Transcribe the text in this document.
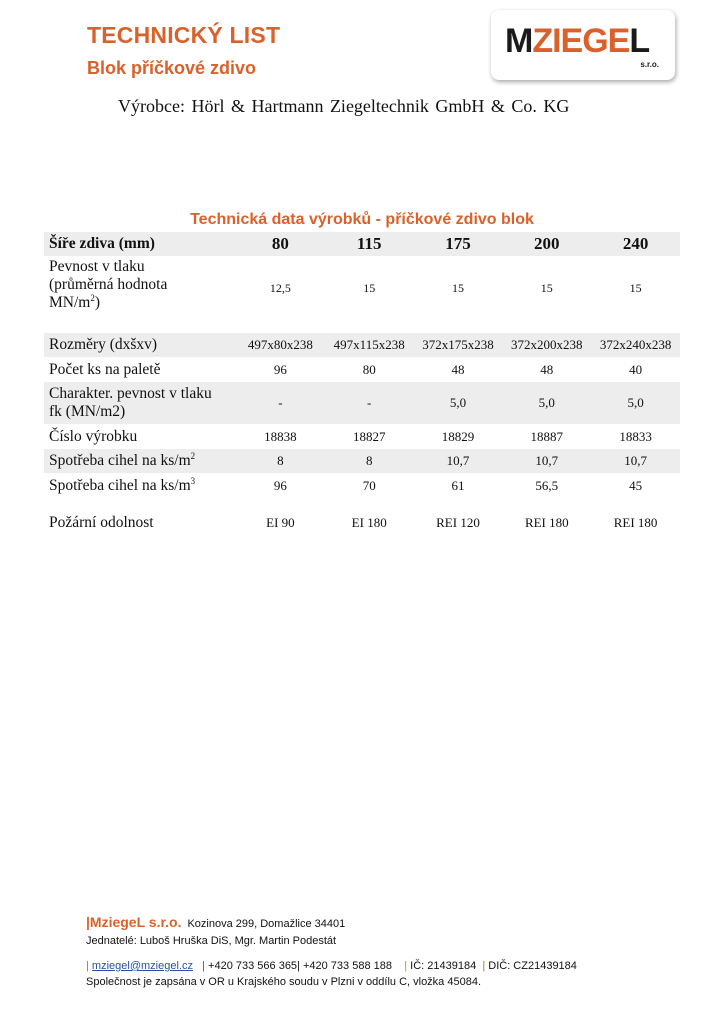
TECHNICKÝ LIST
Blok příčkové zdivo
MZIEGEL
s.r.o.
Výrobce: Hörl & Hartmann Ziegeltechnik GmbH & Co. KG
Technická data výrobků - příčkové zdivo blok
Šíře zdiva (mm)	80	115	175	200	240
Pevnost v tlaku
(průměrná hodnota
$MN/m^2$)	12,5	15	15	15	15

Rozměry (dxšxv)	497x80x238	497x115x238	372x175x238	372x200x238	372x240x238
Počet ks na paletě	96	80	48	48	40
Charakter. pevnost v tlaku
fk (MN/m2)	-	-	5,0	5,0	5,0
Číslo výrobku	18838	18827	18829	18887	18833
Spotřeba cihel na $ks/m^2$	8	8	10,7	10,7	10,7
Spotřeba cihel na $ks/m^3$	96	70	61	56,5	45

Požární odolnost	EI 90	EI 180	REI 120	REI 180	REI 180
|MziegeL s.r.o. Kozinova 299, Domažlice 34401
Jednatelé: Luboš Hruška DiS, Mgr. Martin Podestát
| mziegel@mziegel.cz | +420 733 566 365| +420 733 588 188 | IČ: 21439184 | DIČ: CZ21439184
Společnost je zapsána v OR u Krajského soudu v Plzni v oddílu C, vložka 45084.
